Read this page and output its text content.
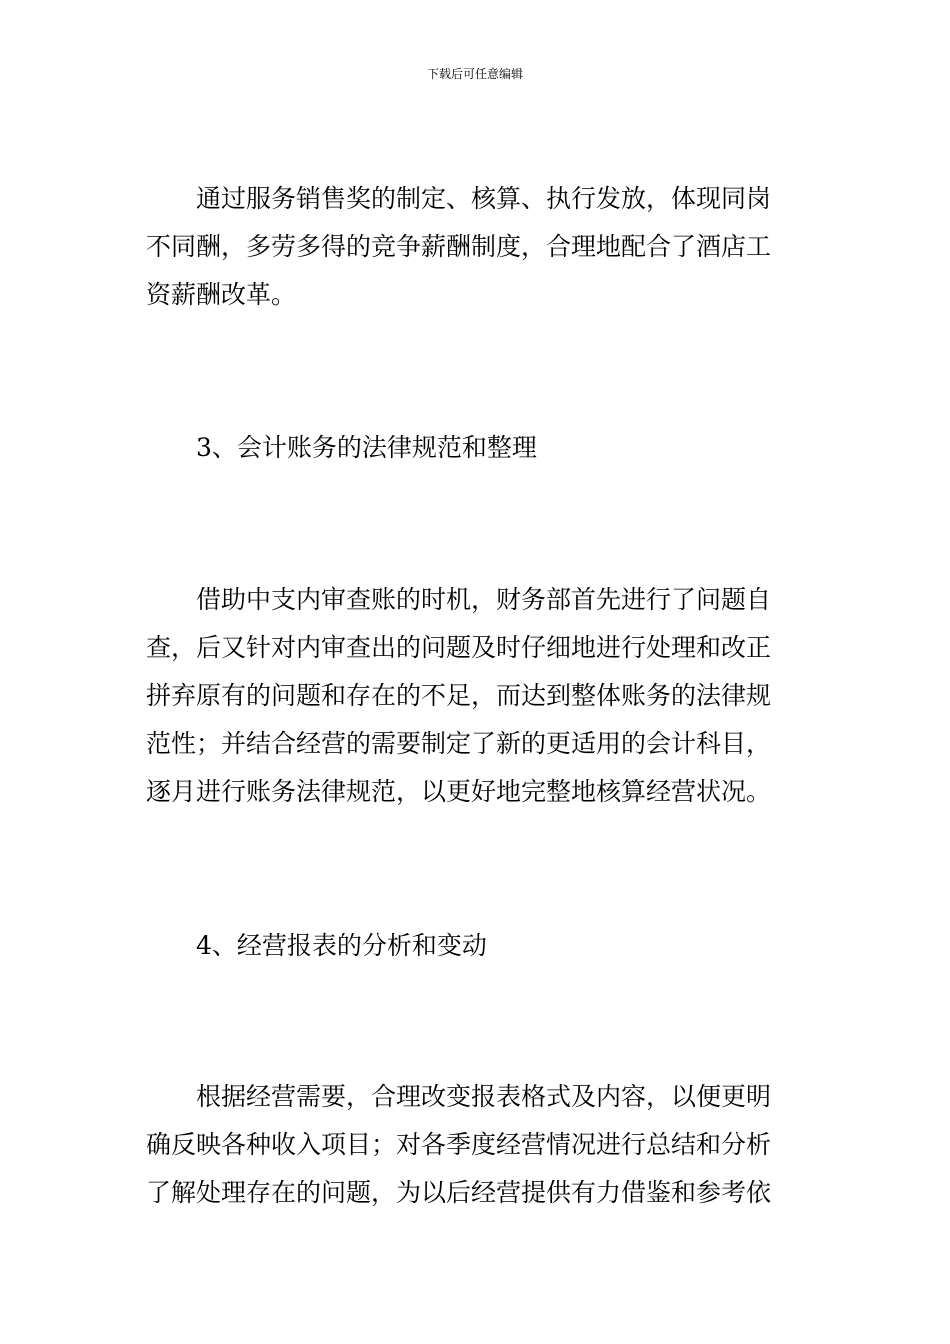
下载后可任意编辑
通过服务销售奖的制定、核算、执行发放，体现同岗
不同酬，多劳多得的竞争薪酬制度，合理地配合了酒店工
资薪酬改革。
3、会计账务的法律规范和整理
借助中支内审查账的时机，财务部首先进行了问题自
查，后又针对内审查出的问题及时仔细地进行处理和改正
拼弃原有的问题和存在的不足，而达到整体账务的法律规
范性；并结合经营的需要制定了新的更适用的会计科目，
逐月进行账务法律规范，以更好地完整地核算经营状况。
4、经营报表的分析和变动
根据经营需要，合理改变报表格式及内容，以便更明
确反映各种收入项目；对各季度经营情况进行总结和分析
了解处理存在的问题，为以后经营提供有力借鉴和参考依
